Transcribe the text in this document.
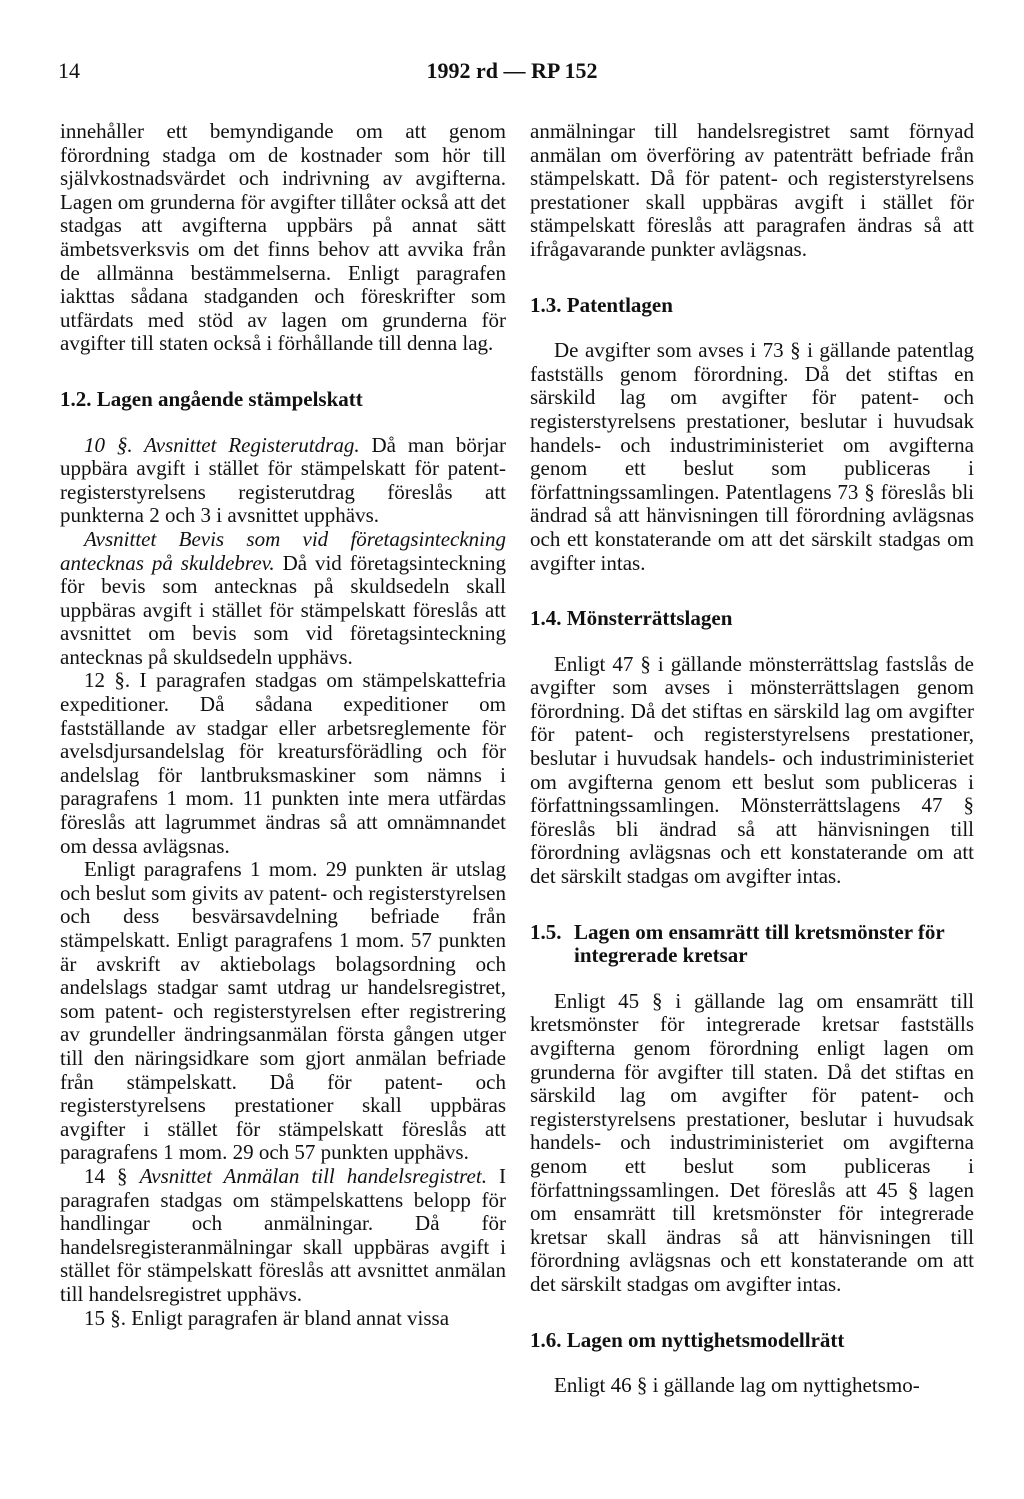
14	1992 rd — RP 152

innehåller ett bemyndigande om att genom förordning stadga om de kostnader som hör till självkostnadsvärdet och indrivning av avgifterna. Lagen om grunderna för avgifter tillåter också att det stadgas att avgifterna uppbärs på annat sätt ämbetsverksvis om det finns behov att avvika från de allmänna bestämmelserna. Enligt paragrafen iakttas sådana stadganden och föreskrifter som utfärdats med stöd av lagen om grunderna för avgifter till staten också i förhållande till denna lag.

1.2. Lagen angående stämpelskatt

10 §. Avsnittet Registerutdrag. Då man börjar uppbära avgift i stället för stämpelskatt för patent- registerstyrelsens registerutdrag föreslås att punkterna 2 och 3 i avsnittet upphävs.

Avsnittet Bevis som vid företagsinteckning antecknas på skuldebrev. Då vid företagsinteckning för bevis som antecknas på skuldsedeln skall uppbäras avgift i stället för stämpelskatt föreslås att avsnittet om bevis som vid företagsinteckning antecknas på skuldsedeln upphävs.

12 §. I paragrafen stadgas om stämpelskattefria expeditioner. Då sådana expeditioner om fastställande av stadgar eller arbetsreglemente för avelsdjursandelslag för kreatursförädling och för andelslag för lantbruksmaskiner som nämns i paragrafens 1 mom. 11 punkten inte mera utfärdas föreslås att lagrummet ändras så att omnämnandet om dessa avlägsnas.

Enligt paragrafens 1 mom. 29 punkten är utslag och beslut som givits av patent- och registerstyrelsen och dess besvärsavdelning befriade från stämpelskatt. Enligt paragrafens 1 mom. 57 punkten är avskrift av aktiebolags bolagsordning och andelslags stadgar samt utdrag ur handelsregistret, som patent- och registerstyrelsen efter registrering av grundeller ändringsanmälan första gången utger till den näringsidkare som gjort anmälan befriade från stämpelskatt. Då för patent- och registerstyrelsens prestationer skall uppbäras avgifter i stället för stämpelskatt föreslås att paragrafens 1 mom. 29 och 57 punkten upphävs.

14 § Avsnittet Anmälan till handelsregistret. I paragrafen stadgas om stämpelskattens belopp för handlingar och anmälningar. Då för handelsregisteranmälningar skall uppbäras avgift i stället för stämpelskatt föreslås att avsnittet anmälan till handelsregistret upphävs.

15 §. Enligt paragrafen är bland annat vissa

anmälningar till handelsregistret samt förnyad anmälan om överföring av patenträtt befriade från stämpelskatt. Då för patent- och registerstyrelsens prestationer skall uppbäras avgift i stället för stämpelskatt föreslås att paragrafen ändras så att ifrågavarande punkter avlägsnas.

1.3. Patentlagen

De avgifter som avses i 73 § i gällande patentlag fastställs genom förordning. Då det stiftas en särskild lag om avgifter för patent- och registerstyrelsens prestationer, beslutar i huvudsak handels- och industriministeriet om avgifterna genom ett beslut som publiceras i författningssamlingen. Patentlagens 73 § föreslås bli ändrad så att hänvisningen till förordning avlägsnas och ett konstaterande om att det särskilt stadgas om avgifter intas.

1.4. Mönsterrättslagen

Enligt 47 § i gällande mönsterrättslag fastslås de avgifter som avses i mönsterrättslagen genom förordning. Då det stiftas en särskild lag om avgifter för patent- och registerstyrelsens prestationer, beslutar i huvudsak handels- och industriministeriet om avgifterna genom ett beslut som publiceras i författningssamlingen. Mönsterrättslagens 47 § föreslås bli ändrad så att hänvisningen till förordning avlägsnas och ett konstaterande om att det särskilt stadgas om avgifter intas.

1.5. Lagen om ensamrätt till kretsmönster för integrerade kretsar

Enligt 45 § i gällande lag om ensamrätt till kretsmönster för integrerade kretsar fastställs avgifterna genom förordning enligt lagen om grunderna för avgifter till staten. Då det stiftas en särskild lag om avgifter för patent- och registerstyrelsens prestationer, beslutar i huvudsak handels- och industriministeriet om avgifterna genom ett beslut som publiceras i författningssamlingen. Det föreslås att 45 § lagen om ensamrätt till kretsmönster för integrerade kretsar skall ändras så att hänvisningen till förordning avlägsnas och ett konstaterande om att det särskilt stadgas om avgifter intas.

1.6. Lagen om nyttighetsmodellrätt

Enligt 46 § i gällande lag om nyttighetsmo-
